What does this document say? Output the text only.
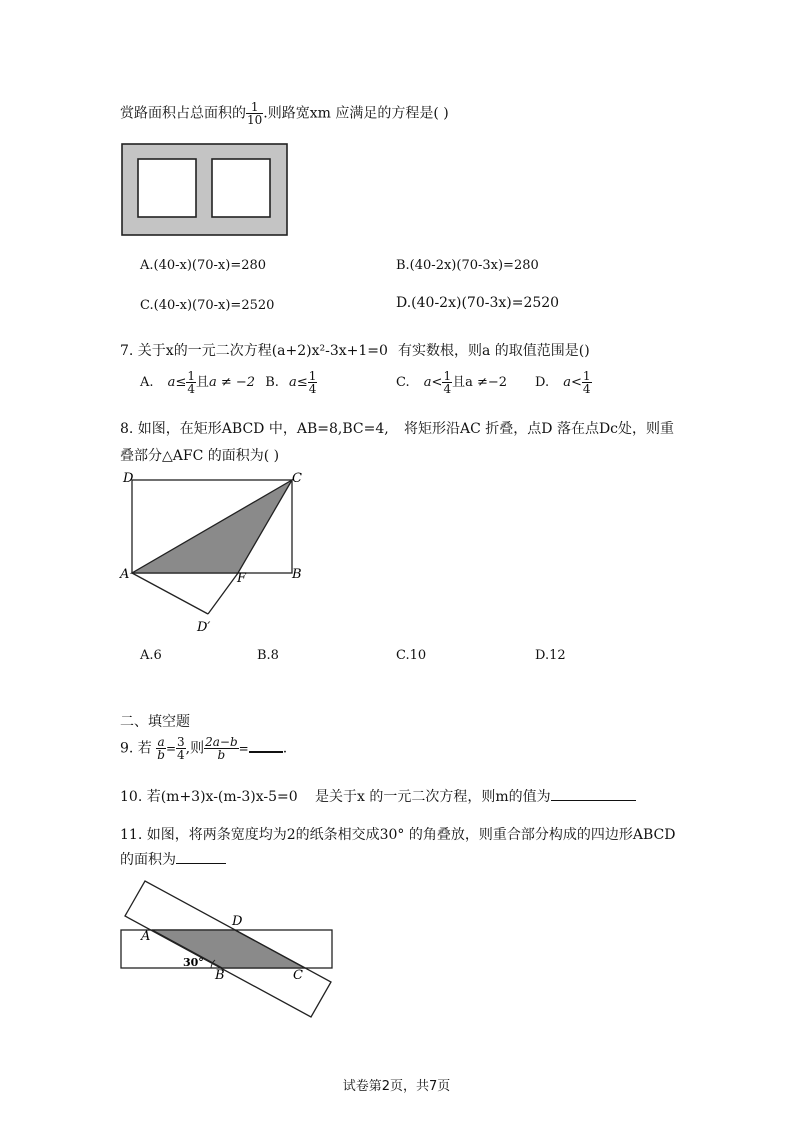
赏路面积占总面积的 $\frac{1}{10}$ .则路宽xm 应满足的方程是( )
A.(40-x)(70-x)=280	B.(40-2x)(70-3x)=280
C.(40-x)(70-x)=2520	D.(40-2x)(70-3x)=2520
7. 关于x的一元二次方程(a+2)x²-3x+1=0 有实数根，则a 的取值范围是()
A. $a\le \frac{1}{4}$ 且a ≠ −2 B. $a\le \frac{1}{4}$	C. $a< \frac{1}{4}$ 且a ≠−2 D. $a< \frac{1}{4}$
8. 如图，在矩形ABCD 中，AB=8,BC=4, 将矩形沿AC 折叠，点D 落在点Dc处，则重
叠部分△AFC 的面积为( )
D	C
A	F	B
D′
A.6	B.8	C.10	D.12
二、填空题
9. 若 $\frac{a}{b} = \frac{3}{4}$ ,则 $\frac{2a-b}{b}$ = .
10. 若(m+3)x-(m-3)x-5=0 是关于x 的一元二次方程，则m的值为
11. 如图，将两条宽度均为2的纸条相交成30° 的角叠放，则重合部分构成的四边形ABCD
的面积为
A
D
B	C
30°
试卷第2页，共7页
